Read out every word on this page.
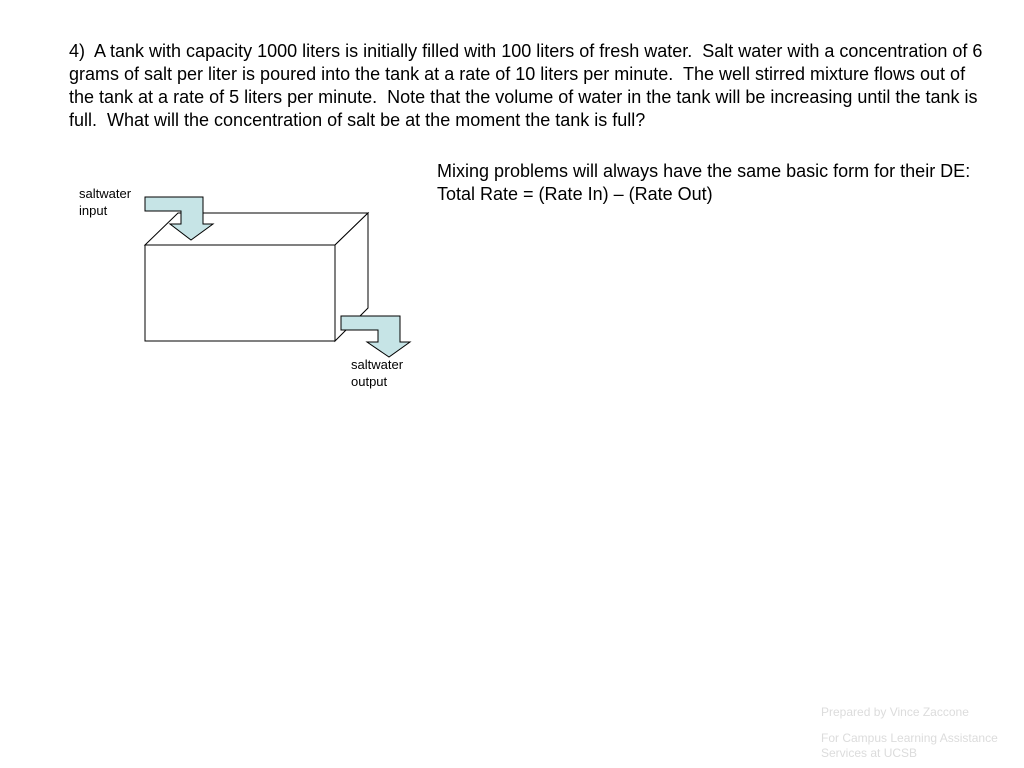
4)  A tank with capacity 1000 liters is initially filled with 100 liters of fresh water.  Salt water with a concentration of 6 grams of salt per liter is poured into the tank at a rate of 10 liters per minute.  The well stirred mixture flows out of the tank at a rate of 5 liters per minute.  Note that the volume of water in the tank will be increasing until the tank is full.  What will the concentration of salt be at the moment the tank is full?

Mixing problems will always have the same basic form for their DE:  Total Rate = (Rate In) – (Rate Out)

saltwater
input

saltwater
output

Prepared by Vince Zaccone

For Campus Learning Assistance Services at UCSB
